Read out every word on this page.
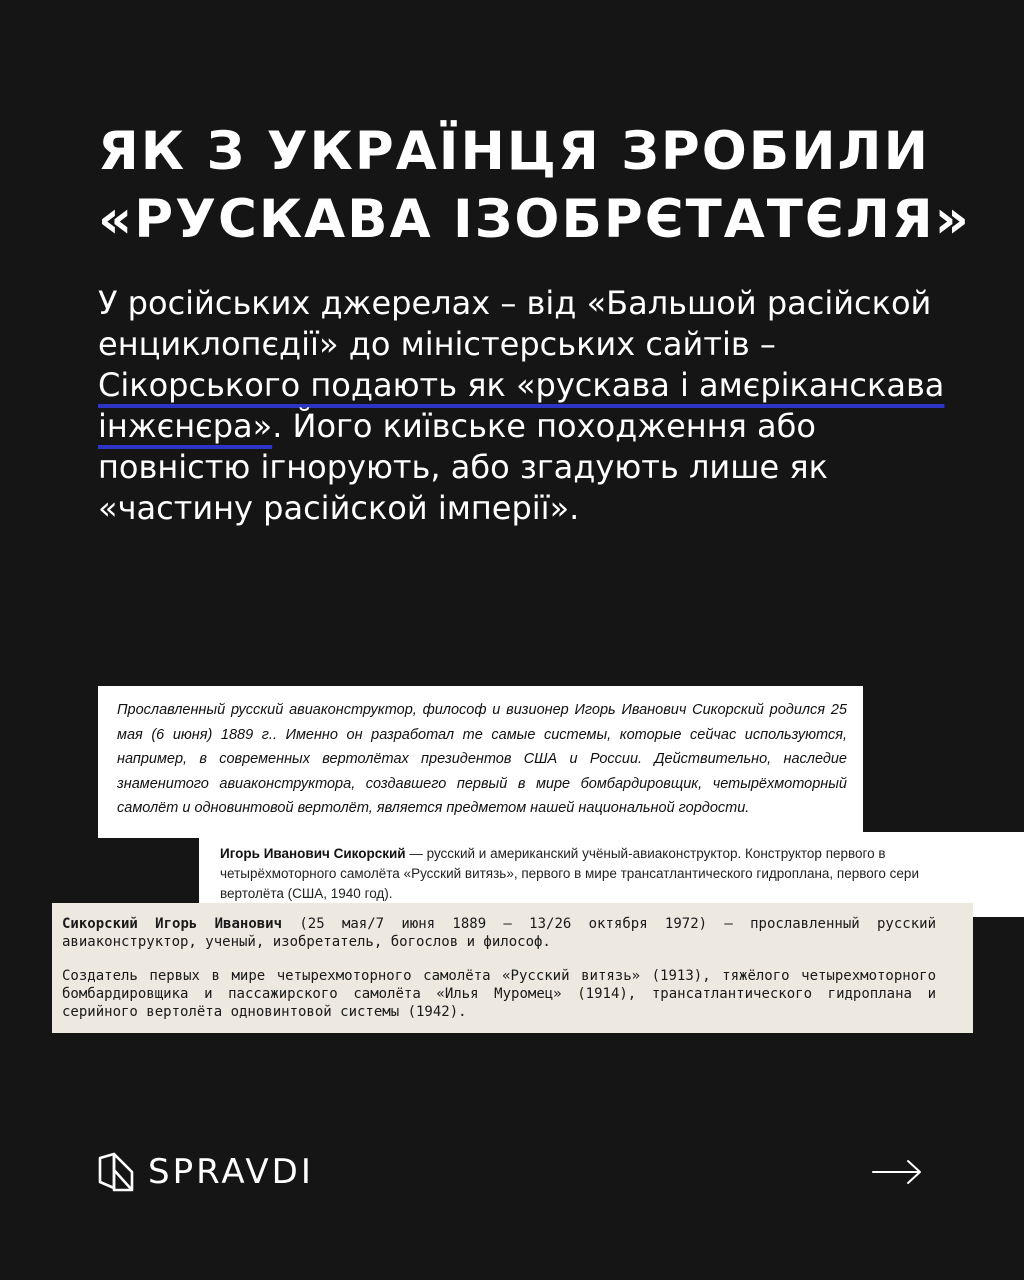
ЯК З УКРАЇНЦЯ ЗРОБИЛИ
«РУСКАВА ІЗОБРЄТАТЄЛЯ»

У російських джерелах – від «Бальшой расійской енциклопєдії» до міністерських сайтів – Сікорського подають як «рускава і амєріканскава інжєнєра». Його київське походження або повністю ігнорують, або згадують лише як «частину расійской імперії».

Прославленный русский авиаконструктор, философ и визионер Игорь Иванович Сикорский родился 25 мая (6 июня) 1889 г.. Именно он разработал те самые системы, которые сейчас используются, например, в современных вертолётах президентов США и России. Действительно, наследие знаменитого авиаконструктора, создавшего первый в мире бомбардировщик, четырёхмоторный самолёт и одновинтовой вертолёт, является предметом нашей национальной гордости.

Игорь Иванович Сикорский — русский и американский учёный-авиаконструктор. Конструктор первого в
четырёхмоторного самолёта «Русский витязь», первого в мире трансатлантического гидроплана, первого сери
вертолёта (США, 1940 год).

Сикорский Игорь Иванович (25 мая/7 июня 1889 – 13/26 октября 1972) – прославленный русский авиаконструктор, ученый, изобретатель, богослов и философ.

Создатель первых в мире четырехмоторного самолёта «Русский витязь» (1913), тяжёлого четырехмоторного бомбардировщика и пассажирского самолёта «Илья Муромец» (1914), трансатлантического гидроплана и серийного вертолёта одновинтовой системы (1942).

SPRAVDI
